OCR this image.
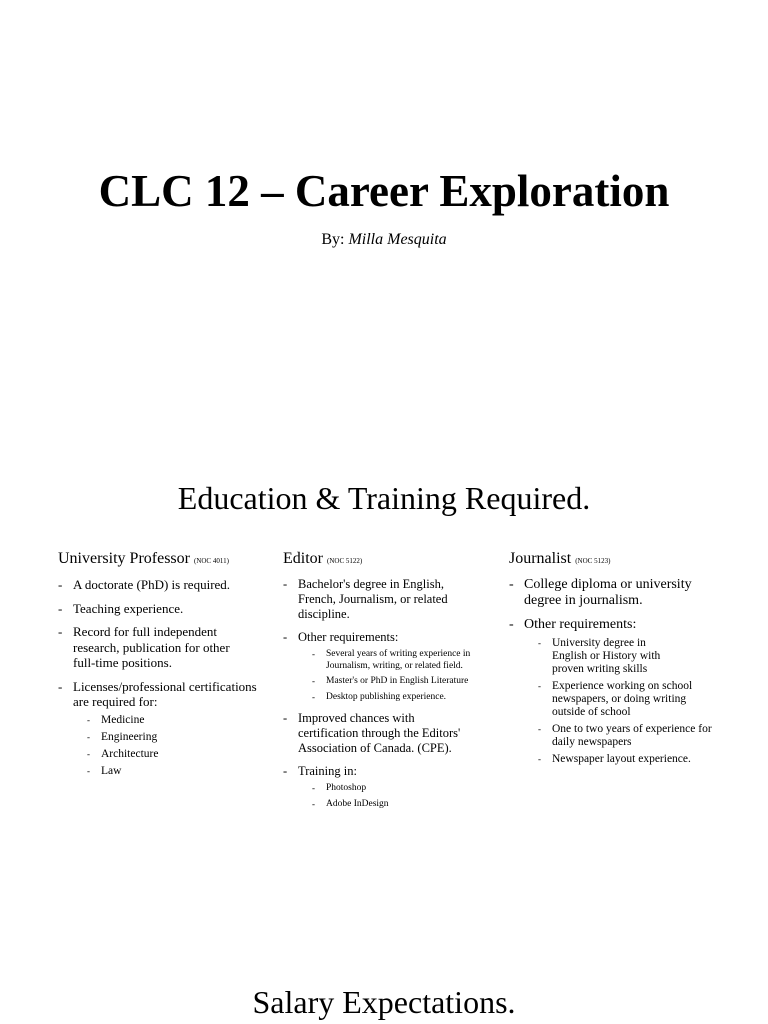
CLC 12 – Career Exploration
By: Milla Mesquita
Education & Training Required.
University Professor (NOC 4011)
- A doctorate (PhD) is required.
- Teaching experience.
- Record for full independent research, publication for other full-time positions.
- Licenses/professional certifications are required for:
- Medicine
- Engineering
- Architecture
- Law
Editor (NOC 5122)
- Bachelor's degree in English, French, Journalism, or related discipline.
- Other requirements:
- Several years of writing experience in Journalism, writing, or related field.
- Master's or PhD in English Literature
- Desktop publishing experience.
- Improved chances with certification through the Editors' Association of Canada. (CPE).
- Training in:
- Photoshop
- Adobe InDesign
Journalist (NOC 5123)
- College diploma or university degree in journalism.
- Other requirements:
- University degree in English or History with proven writing skills
- Experience working on school newspapers, or doing writing outside of school
- One to two years of experience for daily newspapers
- Newspaper layout experience.
Salary Expectations.
